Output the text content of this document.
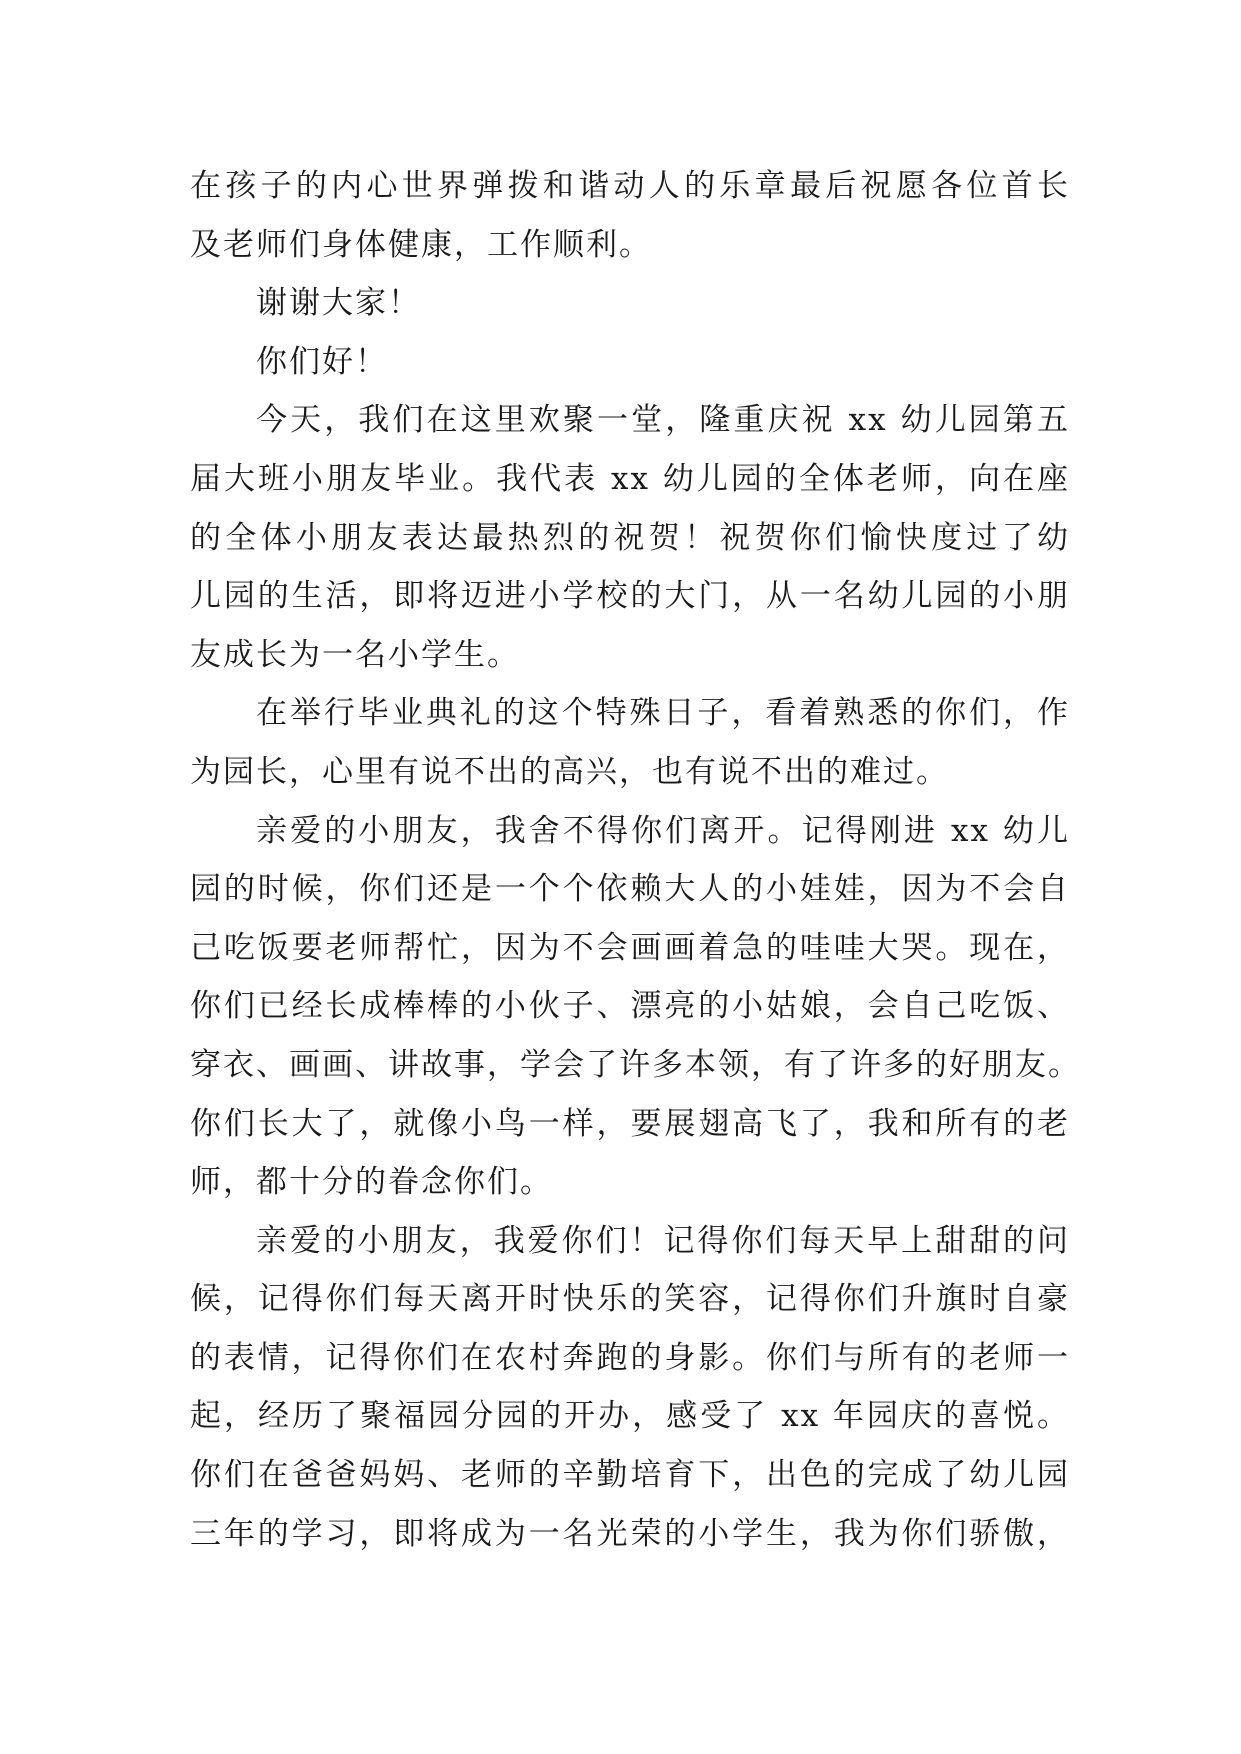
在孩子的内心世界弹拨和谐动人的乐章最后祝愿各位首长
及老师们身体健康，工作顺利。
谢谢大家！
你们好！
今天，我们在这里欢聚一堂，隆重庆祝 xx 幼儿园第五
届大班小朋友毕业。我代表 xx 幼儿园的全体老师，向在座
的全体小朋友表达最热烈的祝贺！祝贺你们愉快度过了幼
儿园的生活，即将迈进小学校的大门，从一名幼儿园的小朋
友成长为一名小学生。
在举行毕业典礼的这个特殊日子，看着熟悉的你们，作
为园长，心里有说不出的高兴，也有说不出的难过。
亲爱的小朋友，我舍不得你们离开。记得刚进 xx 幼儿
园的时候，你们还是一个个依赖大人的小娃娃，因为不会自
己吃饭要老师帮忙，因为不会画画着急的哇哇大哭。现在，
你们已经长成棒棒的小伙子、漂亮的小姑娘，会自己吃饭、
穿衣、画画、讲故事，学会了许多本领，有了许多的好朋友。
你们长大了，就像小鸟一样，要展翅高飞了，我和所有的老
师，都十分的眷念你们。
亲爱的小朋友，我爱你们！记得你们每天早上甜甜的问
候，记得你们每天离开时快乐的笑容，记得你们升旗时自豪
的表情，记得你们在农村奔跑的身影。你们与所有的老师一
起，经历了聚福园分园的开办，感受了 xx 年园庆的喜悦。
你们在爸爸妈妈、老师的辛勤培育下，出色的完成了幼儿园
三年的学习，即将成为一名光荣的小学生，我为你们骄傲，
